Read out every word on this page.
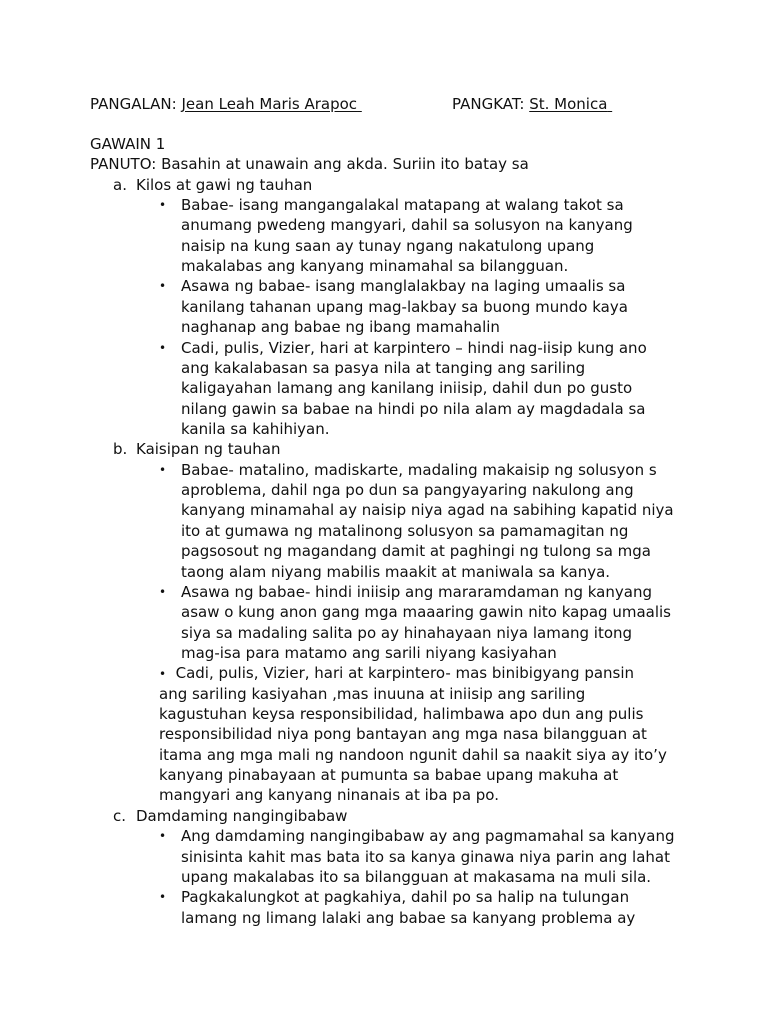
PANGALAN: Jean Leah Maris Arapoc	PANGKAT: St. Monica
GAWAIN 1
PANUTO: Basahin at unawain ang akda. Suriin ito batay sa
a. Kilos at gawi ng tauhan
• Babae- isang mangangalakal matapang at walang takot sa
anumang pwedeng mangyari, dahil sa solusyon na kanyang
naisip na kung saan ay tunay ngang nakatulong upang
makalabas ang kanyang minamahal sa bilangguan.
• Asawa ng babae- isang manglalakbay na laging umaalis sa
kanilang tahanan upang mag-lakbay sa buong mundo kaya
naghanap ang babae ng ibang mamahalin
• Cadi, pulis, Vizier, hari at karpintero – hindi nag-iisip kung ano
ang kakalabasan sa pasya nila at tanging ang sariling
kaligayahan lamang ang kanilang iniisip, dahil dun po gusto
nilang gawin sa babae na hindi po nila alam ay magdadala sa
kanila sa kahihiyan.
b. Kaisipan ng tauhan
• Babae- matalino, madiskarte, madaling makaisip ng solusyon s
aproblema, dahil nga po dun sa pangyayaring nakulong ang
kanyang minamahal ay naisip niya agad na sabihing kapatid niya
ito at gumawa ng matalinong solusyon sa pamamagitan ng
pagsosout ng magandang damit at paghingi ng tulong sa mga
taong alam niyang mabilis maakit at maniwala sa kanya.
• Asawa ng babae- hindi iniisip ang mararamdaman ng kanyang
asaw o kung anon gang mga maaaring gawin nito kapag umaalis
siya sa madaling salita po ay hinahayaan niya lamang itong
mag-isa para matamo ang sarili niyang kasiyahan
• Cadi, pulis, Vizier, hari at karpintero- mas binibigyang pansin
ang sariling kasiyahan ,mas inuuna at iniisip ang sariling
kagustuhan keysa responsibilidad, halimbawa apo dun ang pulis
responsibilidad niya pong bantayan ang mga nasa bilangguan at
itama ang mga mali ng nandoon ngunit dahil sa naakit siya ay ito’y
kanyang pinabayaan at pumunta sa babae upang makuha at
mangyari ang kanyang ninanais at iba pa po.
c. Damdaming nangingibabaw
• Ang damdaming nangingibabaw ay ang pagmamahal sa kanyang
sinisinta kahit mas bata ito sa kanya ginawa niya parin ang lahat
upang makalabas ito sa bilangguan at makasama na muli sila.
• Pagkakalungkot at pagkahiya, dahil po sa halip na tulungan
lamang ng limang lalaki ang babae sa kanyang problema ay
